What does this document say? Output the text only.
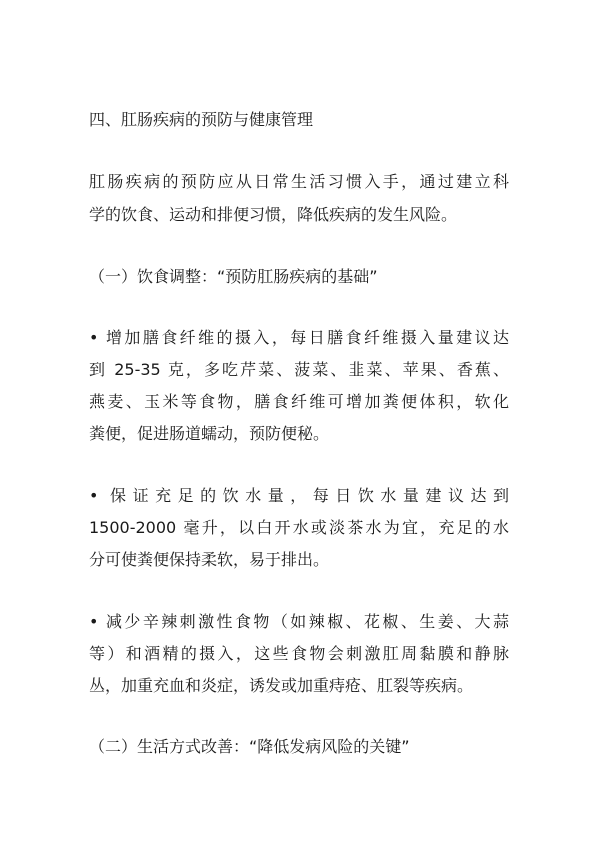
四、肛肠疾病的预防与健康管理
肛肠疾病的预防应从日常生活习惯入手，通过建立科
学的饮食、运动和排便习惯，降低疾病的发生风险。
（一）饮食调整：“预防肛肠疾病的基础”
• 增加膳食纤维的摄入，每日膳食纤维摄入量建议达
到 25-35 克，多吃芹菜、菠菜、韭菜、苹果、香蕉、
燕麦、玉米等食物，膳食纤维可增加粪便体积，软化
粪便，促进肠道蠕动，预防便秘。
• 保证充足的饮水量，每日饮水量建议达到
1500-2000 毫升，以白开水或淡茶水为宜，充足的水
分可使粪便保持柔软，易于排出。
• 减少辛辣刺激性食物（如辣椒、花椒、生姜、大蒜
等）和酒精的摄入，这些食物会刺激肛周黏膜和静脉
丛，加重充血和炎症，诱发或加重痔疮、肛裂等疾病。
（二）生活方式改善：“降低发病风险的关键”
